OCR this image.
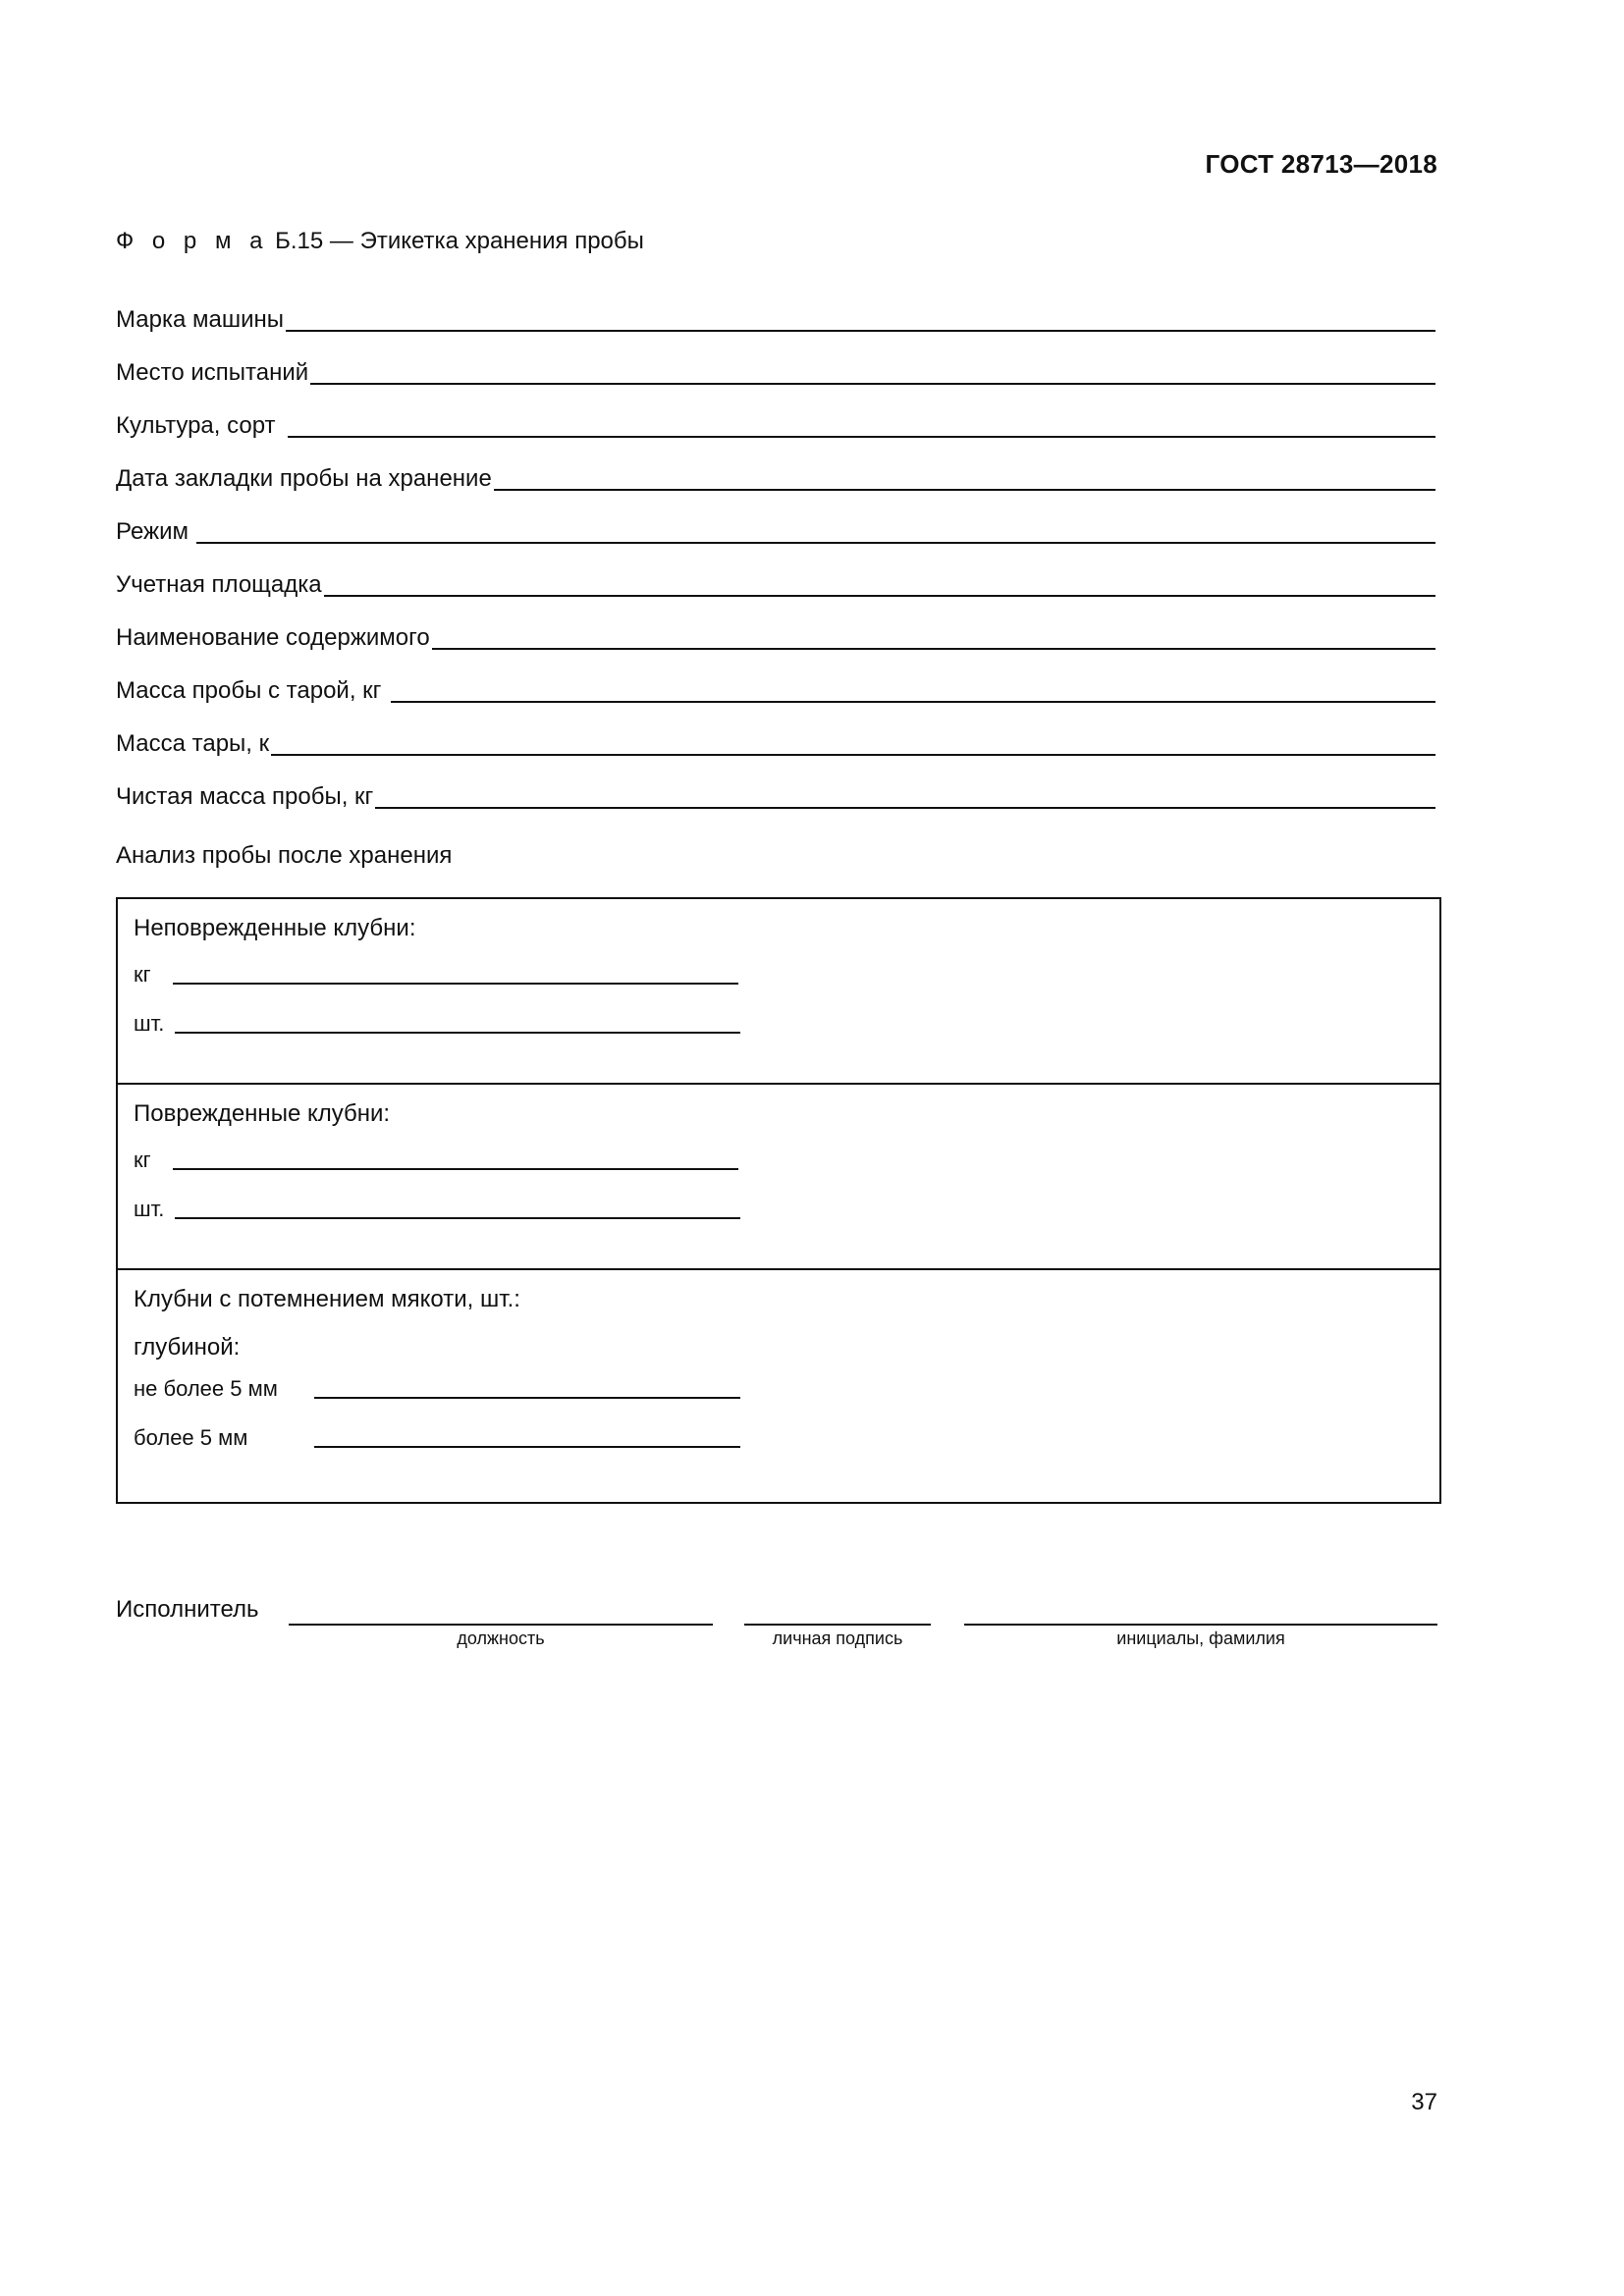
ГОСТ 28713—2018
Ф о р м а Б.15 — Этикетка хранения пробы
Марка машины
Место испытаний
Культура, сорт
Дата закладки пробы на хранение
Режим
Учетная площадка
Наименование содержимого
Масса пробы с тарой, кг
Масса тары, к
Чистая масса пробы, кг
Анализ пробы после хранения
Неповрежденные клубни:
кг
шт.
Поврежденные клубни:
кг
шт.
Клубни с потемнением мякоти, шт.:
глубиной:
не более 5 мм
более 5 мм
Исполнитель
должность	личная подпись	инициалы, фамилия
37
